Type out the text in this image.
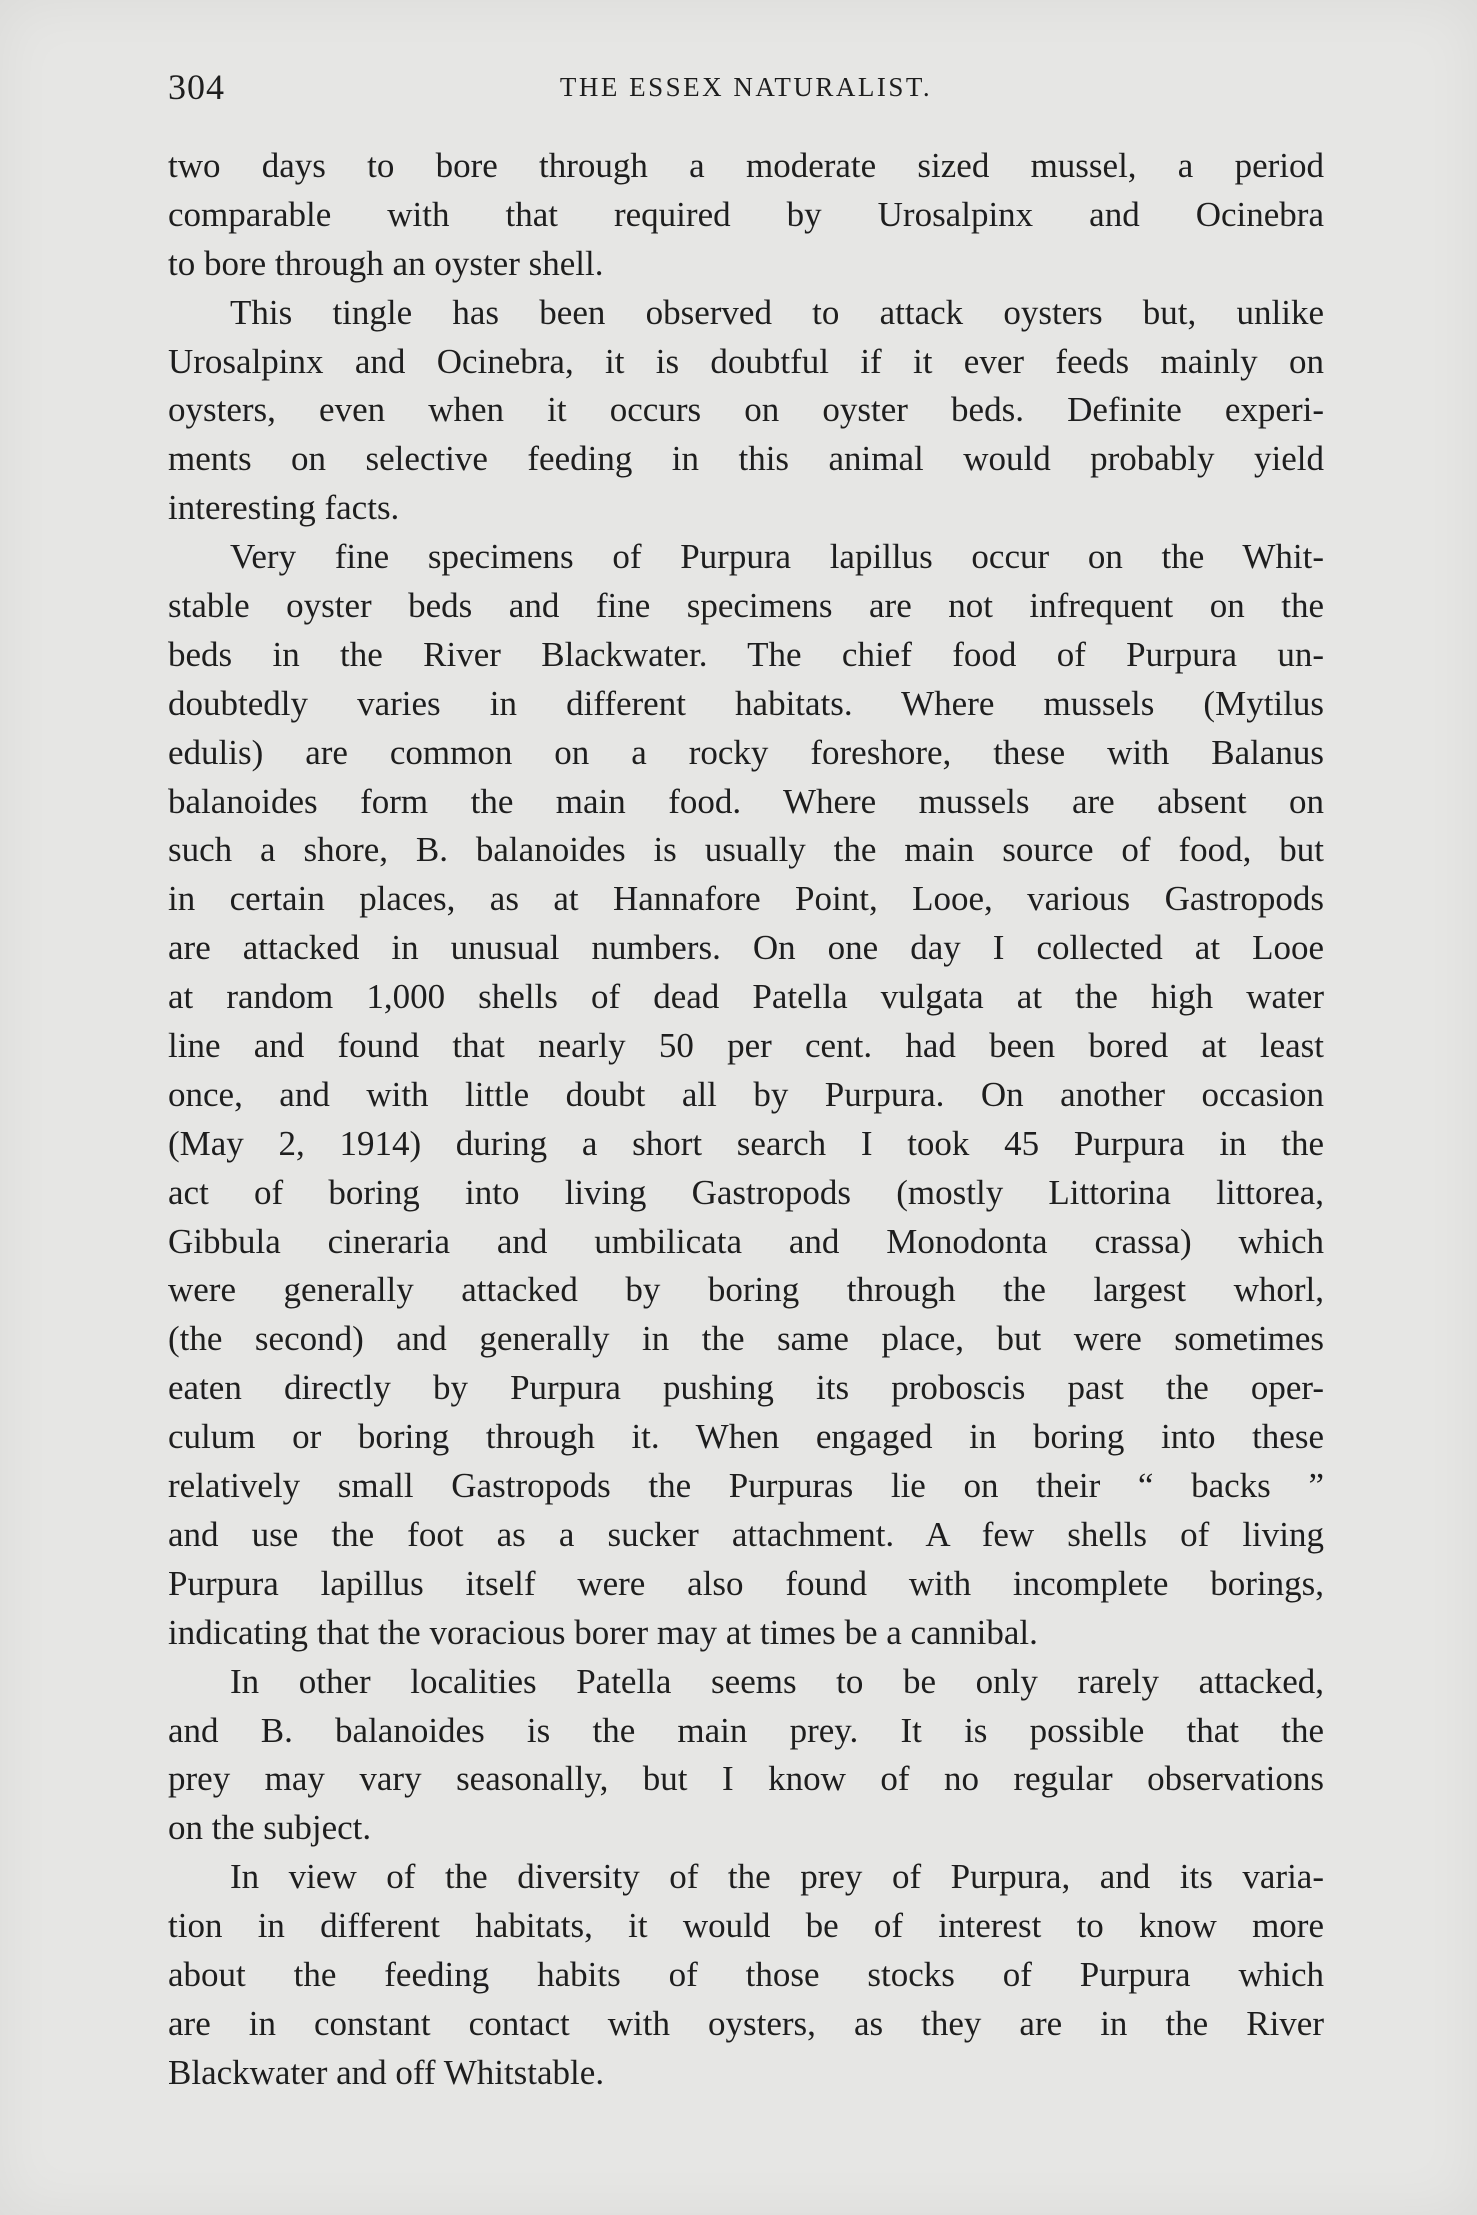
304	THE ESSEX NATURALIST.
two days to bore through a moderate sized mussel, a period
comparable with that required by Urosalpinx and Ocinebra
to bore through an oyster shell.
This tingle has been observed to attack oysters but, unlike
Urosalpinx and Ocinebra, it is doubtful if it ever feeds mainly on
oysters, even when it occurs on oyster beds. Definite experi-
ments on selective feeding in this animal would probably yield
interesting facts.
Very fine specimens of Purpura lapillus occur on the Whit-
stable oyster beds and fine specimens are not infrequent on the
beds in the River Blackwater. The chief food of Purpura un-
doubtedly varies in different habitats. Where mussels (Mytilus
edulis) are common on a rocky foreshore, these with Balanus
balanoides form the main food. Where mussels are absent on
such a shore, B. balanoides is usually the main source of food, but
in certain places, as at Hannafore Point, Looe, various Gastropods
are attacked in unusual numbers. On one day I collected at Looe
at random 1,000 shells of dead Patella vulgata at the high water
line and found that nearly 50 per cent. had been bored at least
once, and with little doubt all by Purpura. On another occasion
(May 2, 1914) during a short search I took 45 Purpura in the
act of boring into living Gastropods (mostly Littorina littorea,
Gibbula cineraria and umbilicata and Monodonta crassa) which
were generally attacked by boring through the largest whorl,
(the second) and generally in the same place, but were sometimes
eaten directly by Purpura pushing its proboscis past the oper-
culum or boring through it. When engaged in boring into these
relatively small Gastropods the Purpuras lie on their “ backs ”
and use the foot as a sucker attachment. A few shells of living
Purpura lapillus itself were also found with incomplete borings,
indicating that the voracious borer may at times be a cannibal.
In other localities Patella seems to be only rarely attacked,
and B. balanoides is the main prey. It is possible that the
prey may vary seasonally, but I know of no regular observations
on the subject.
In view of the diversity of the prey of Purpura, and its varia-
tion in different habitats, it would be of interest to know more
about the feeding habits of those stocks of Purpura which
are in constant contact with oysters, as they are in the River
Blackwater and off Whitstable.
